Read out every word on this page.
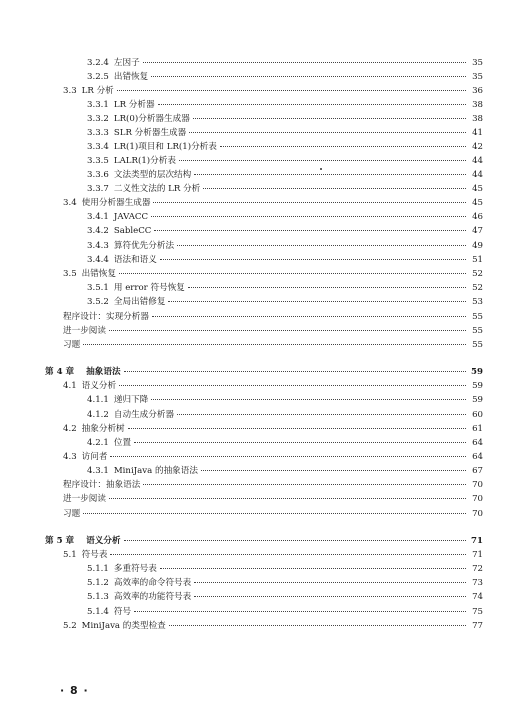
3.2.4 左因子	35
3.2.5 出错恢复	35
3.3 LR 分析	36
3.3.1 LR 分析器	38
3.3.2 LR(0)分析器生成器	38
3.3.3 SLR 分析器生成器	41
3.3.4 LR(1)项目和 LR(1)分析表	42
3.3.5 LALR(1)分析表	44
3.3.6 文法类型的层次结构	44
3.3.7 二义性文法的 LR 分析	45
3.4 使用分析器生成器	45
3.4.1 JAVACC	46
3.4.2 SableCC	47
3.4.3 算符优先分析法	49
3.4.4 语法和语义	51
3.5 出错恢复	52
3.5.1 用 error 符号恢复	52
3.5.2 全局出错修复	53
程序设计：实现分析器	55
进一步阅读	55
习题	55
第 4 章 抽象语法	59
4.1 语义分析	59
4.1.1 递归下降	59
4.1.2 自动生成分析器	60
4.2 抽象分析树	61
4.2.1 位置	64
4.3 访问者	64
4.3.1 MiniJava 的抽象语法	67
程序设计：抽象语法	70
进一步阅读	70
习题	70
第 5 章 语义分析	71
5.1 符号表	71
5.1.1 多重符号表	72
5.1.2 高效率的命令符号表	73
5.1.3 高效率的功能符号表	74
5.1.4 符号	75
5.2 MiniJava 的类型检查	77
· 8 ·
